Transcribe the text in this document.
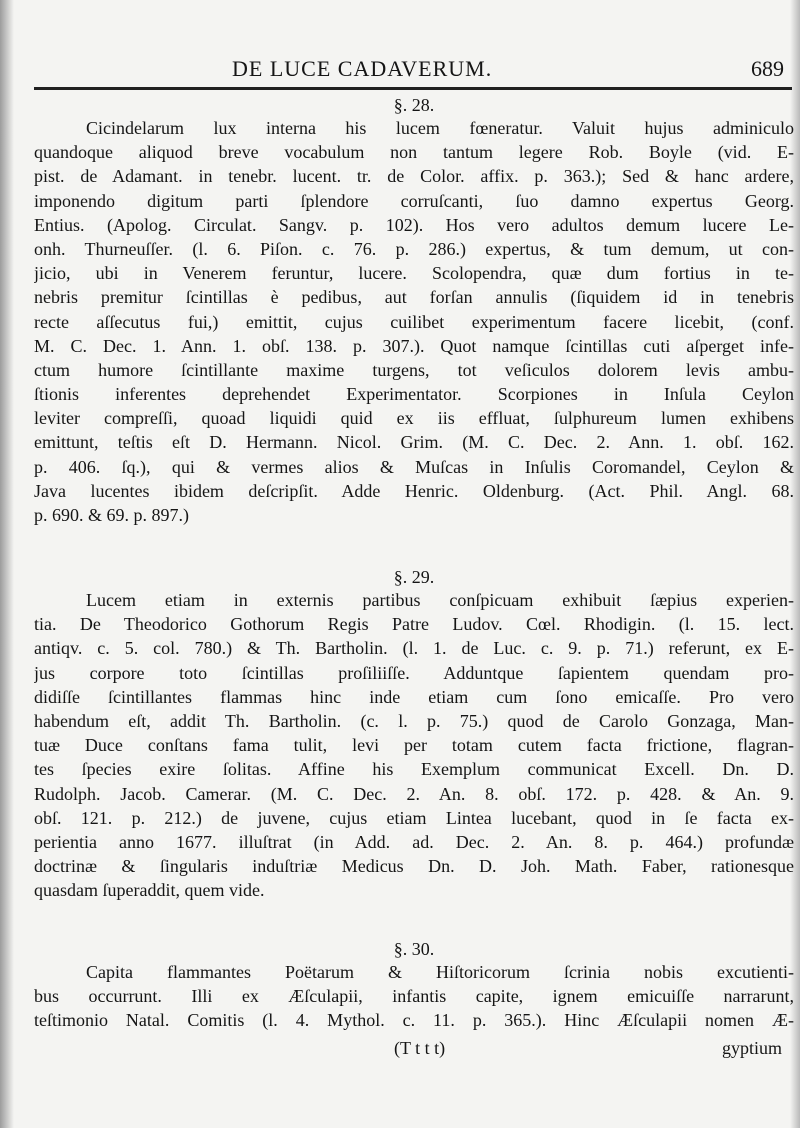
DE LUCE CADAVERUM.	689
§. 28.
Cicindelarum lux interna his lucem fœneratur. Valuit hujus adminiculo
quandoque aliquod breve vocabulum non tantum legere Rob. Boyle (vid. E-
pist. de Adamant. in tenebr. lucent. tr. de Color. affix. p. 363.); Sed & hanc ardere,
imponendo digitum parti ſplendore corruſcanti, ſuo damno expertus Georg.
Entius. (Apolog. Circulat. Sangv. p. 102). Hos vero adultos demum lucere Le-
onh. Thurneuſſer. (l. 6. Piſon. c. 76. p. 286.) expertus, & tum demum, ut con-
jicio, ubi in Venerem feruntur, lucere. Scolopendra, quæ dum fortius in te-
nebris premitur ſcintillas è pedibus, aut forſan annulis (ſiquidem id in tenebris
recte aſſecutus fui,) emittit, cujus cuilibet experimentum facere licebit, (conf.
M. C. Dec. 1. Ann. 1. obſ. 138. p. 307.). Quot namque ſcintillas cuti aſperget infe-
ctum humore ſcintillante maxime turgens, tot veſiculos dolorem levis ambu-
ſtionis inferentes deprehendet Experimentator. Scorpiones in Inſula Ceylon
leviter compreſſi, quoad liquidi quid ex iis effluat, ſulphureum lumen exhibens
emittunt, teſtis eſt D. Hermann. Nicol. Grim. (M. C. Dec. 2. Ann. 1. obſ. 162.
p. 406. ſq.), qui & vermes alios & Muſcas in Inſulis Coromandel, Ceylon &
Java lucentes ibidem deſcripſit. Adde Henric. Oldenburg. (Act. Phil. Angl. 68.
p. 690. & 69. p. 897.)
§. 29.
Lucem etiam in externis partibus conſpicuam exhibuit ſæpius experien-
tia. De Theodorico Gothorum Regis Patre Ludov. Cœl. Rhodigin. (l. 15. lect.
antiqv. c. 5. col. 780.) & Th. Bartholin. (l. 1. de Luc. c. 9. p. 71.) referunt, ex E-
jus corpore toto ſcintillas proſiliiſſe. Adduntque ſapientem quendam pro-
didiſſe ſcintillantes flammas hinc inde etiam cum ſono emicaſſe. Pro vero
habendum eſt, addit Th. Bartholin. (c. l. p. 75.) quod de Carolo Gonzaga, Man-
tuæ Duce conſtans fama tulit, levi per totam cutem facta frictione, flagran-
tes ſpecies exire ſolitas. Affine his Exemplum communicat Excell. Dn. D.
Rudolph. Jacob. Camerar. (M. C. Dec. 2. An. 8. obſ. 172. p. 428. & An. 9.
obſ. 121. p. 212.) de juvene, cujus etiam Lintea lucebant, quod in ſe facta ex-
perientia anno 1677. illuſtrat (in Add. ad. Dec. 2. An. 8. p. 464.) profundæ
doctrinæ & ſingularis induſtriæ Medicus Dn. D. Joh. Math. Faber, rationesque
quasdam ſuperaddit, quem vide.
§. 30.
Capita flammantes Poëtarum & Hiſtoricorum ſcrinia nobis excutienti-
bus occurrunt. Illi ex Æſculapii, infantis capite, ignem emicuiſſe narrarunt,
teſtimonio Natal. Comitis (l. 4. Mythol. c. 11. p. 365.). Hinc Æſculapii nomen Æ-
(T t t t)	gyptium
